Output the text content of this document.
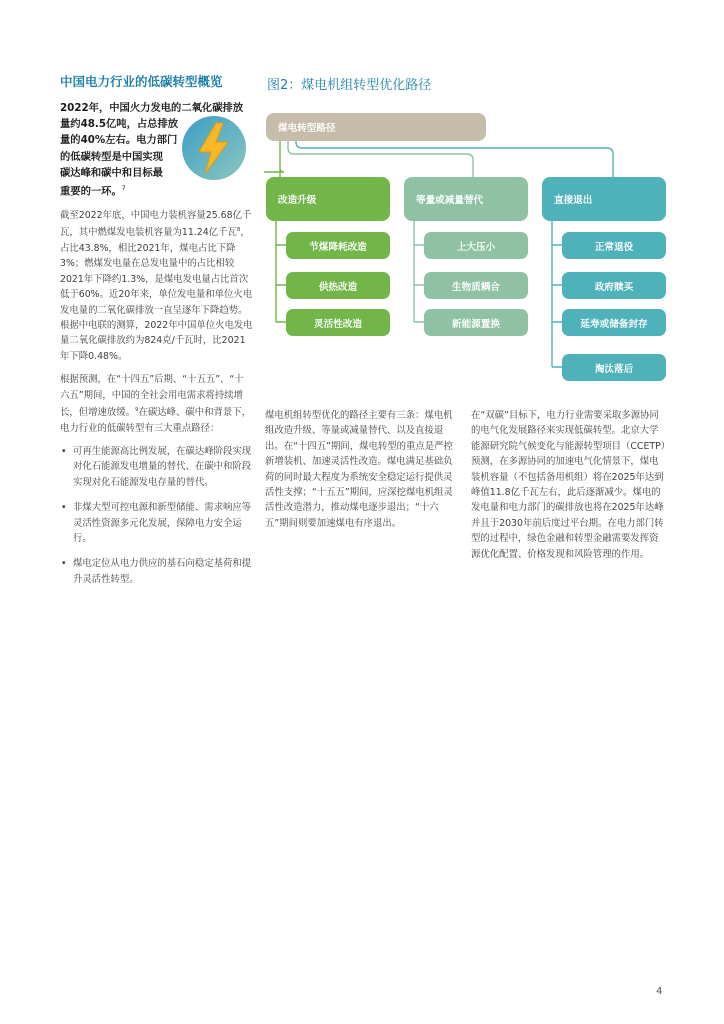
中国电力行业的低碳转型概览

2022年，中国火力发电的二氧化碳排放
量约48.5亿吨，占总排放
量的40%左右。电力部门
的低碳转型是中国实现
碳达峰和碳中和目标最
重要的一环。$^7$

截至2022年底，中国电力装机容量25.68亿千瓦，其中燃煤发电装机容量为11.24亿千瓦$^8$，占比43.8%，相比2021年，煤电占比下降3%；燃煤发电量在总发电量中的占比相较2021年下降约1.3%，是煤电发电量占比首次低于60%。近20年来，单位发电量和单位火电发电量的二氧化碳排放一直呈逐年下降趋势。根据中电联的测算，2022年中国单位火电发电量二氧化碳排放约为824克/千瓦时，比2021年下降0.48%。

根据预测，在“十四五”后期、“十五五”、“十六五”期间，中国的全社会用电需求将持续增长，但增速放缓。$^9$在碳达峰、碳中和背景下，电力行业的低碳转型有三大重点路径：

• 可再生能源高比例发展，在碳达峰阶段实现对化石能源发电增量的替代、在碳中和阶段实现对化石能源发电存量的替代。
• 非煤大型可控电源和新型储能、需求响应等灵活性资源多元化发展，保障电力安全运行。
• 煤电定位从电力供应的基石向稳定基荷和提升灵活性转型。
图2：煤电机组转型优化路径
煤电转型路径
改造升级	等量或减量替代	直接退出
节煤降耗改造
供热改造
灵活性改造
上大压小
生物质耦合
新能源置换
正常退役
政府赎买
延寿或储备封存
淘汰落后

煤电机组转型优化的路径主要有三条：煤电机组改造升级、等量或减量替代、以及直接退出。在“十四五”期间，煤电转型的重点是严控新增装机、加速灵活性改造。煤电满足基础负荷的同时最大程度为系统安全稳定运行提供灵活性支撑；“十五五”期间，应深挖煤电机组灵活性改造潜力，推动煤电逐步退出；“十六五”期间则要加速煤电有序退出。

在“双碳”目标下，电力行业需要采取多源协同的电气化发展路径来实现低碳转型。北京大学能源研究院气候变化与能源转型项目（CCETP）预测，在多源协同的加速电气化情景下，煤电装机容量（不包括备用机组）将在2025年达到峰值11.8亿千瓦左右，此后逐渐减少。煤电的发电量和电力部门的碳排放也将在2025年达峰并且于2030年前后度过平台期。在电力部门转型的过程中，绿色金融和转型金融需要发挥资源优化配置、价格发现和风险管理的作用。

4
